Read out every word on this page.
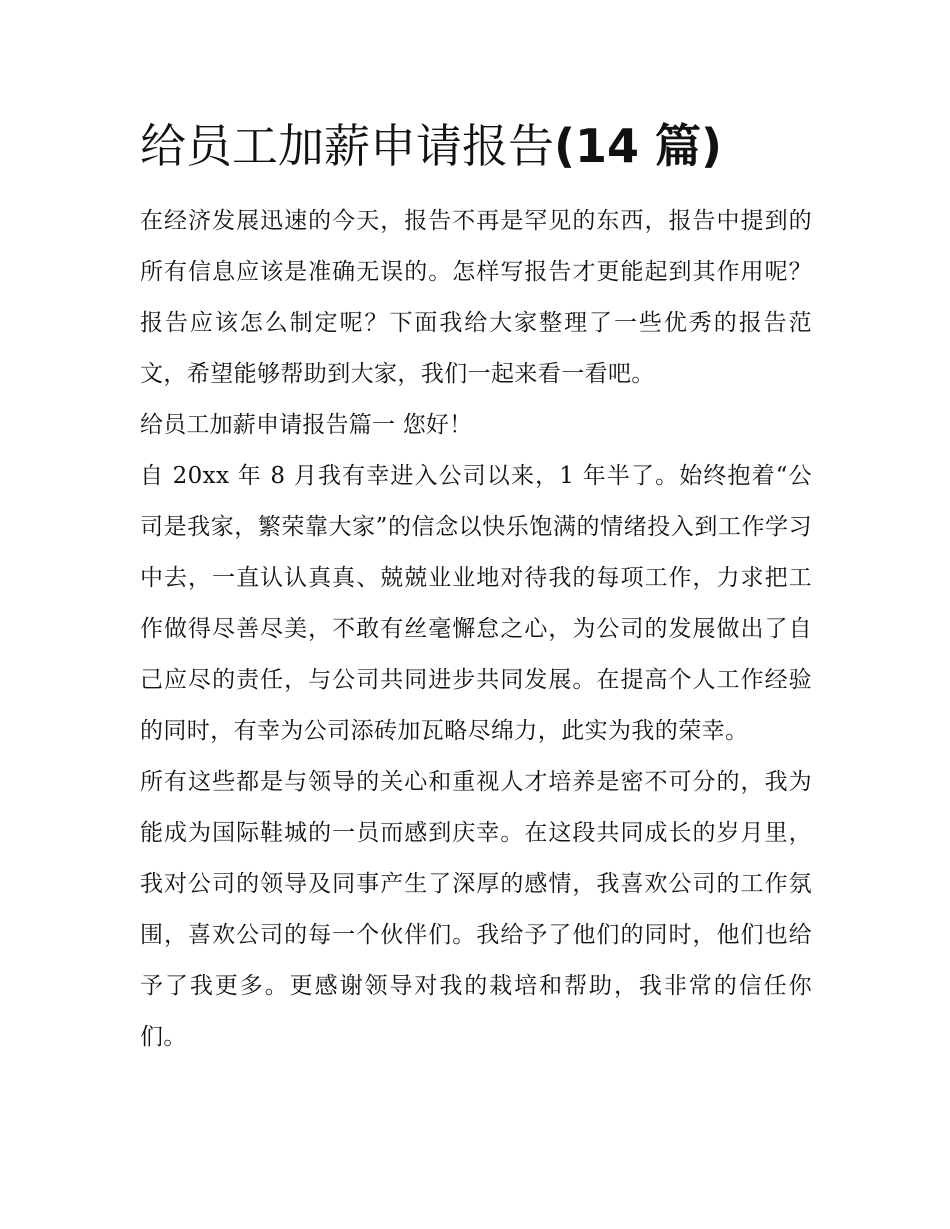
给员工加薪申请报告(14 篇)

在经济发展迅速的今天，报告不再是罕见的东西，报告中提到的所有信息应该是准确无误的。怎样写报告才更能起到其作用呢？报告应该怎么制定呢？下面我给大家整理了一些优秀的报告范文，希望能够帮助到大家，我们一起来看一看吧。

给员工加薪申请报告篇一 您好！

自 20xx 年 8 月我有幸进入公司以来，1 年半了。始终抱着“公司是我家，繁荣靠大家”的信念以快乐饱满的情绪投入到工作学习中去，一直认认真真、兢兢业业地对待我的每项工作，力求把工作做得尽善尽美，不敢有丝毫懈怠之心，为公司的发展做出了自己应尽的责任，与公司共同进步共同发展。在提高个人工作经验的同时，有幸为公司添砖加瓦略尽绵力，此实为我的荣幸。

所有这些都是与领导的关心和重视人才培养是密不可分的，我为能成为国际鞋城的一员而感到庆幸。在这段共同成长的岁月里，我对公司的领导及同事产生了深厚的感情，我喜欢公司的工作氛围，喜欢公司的每一个伙伴们。我给予了他们的同时，他们也给予了我更多。更感谢领导对我的栽培和帮助，我非常的信任你们。
